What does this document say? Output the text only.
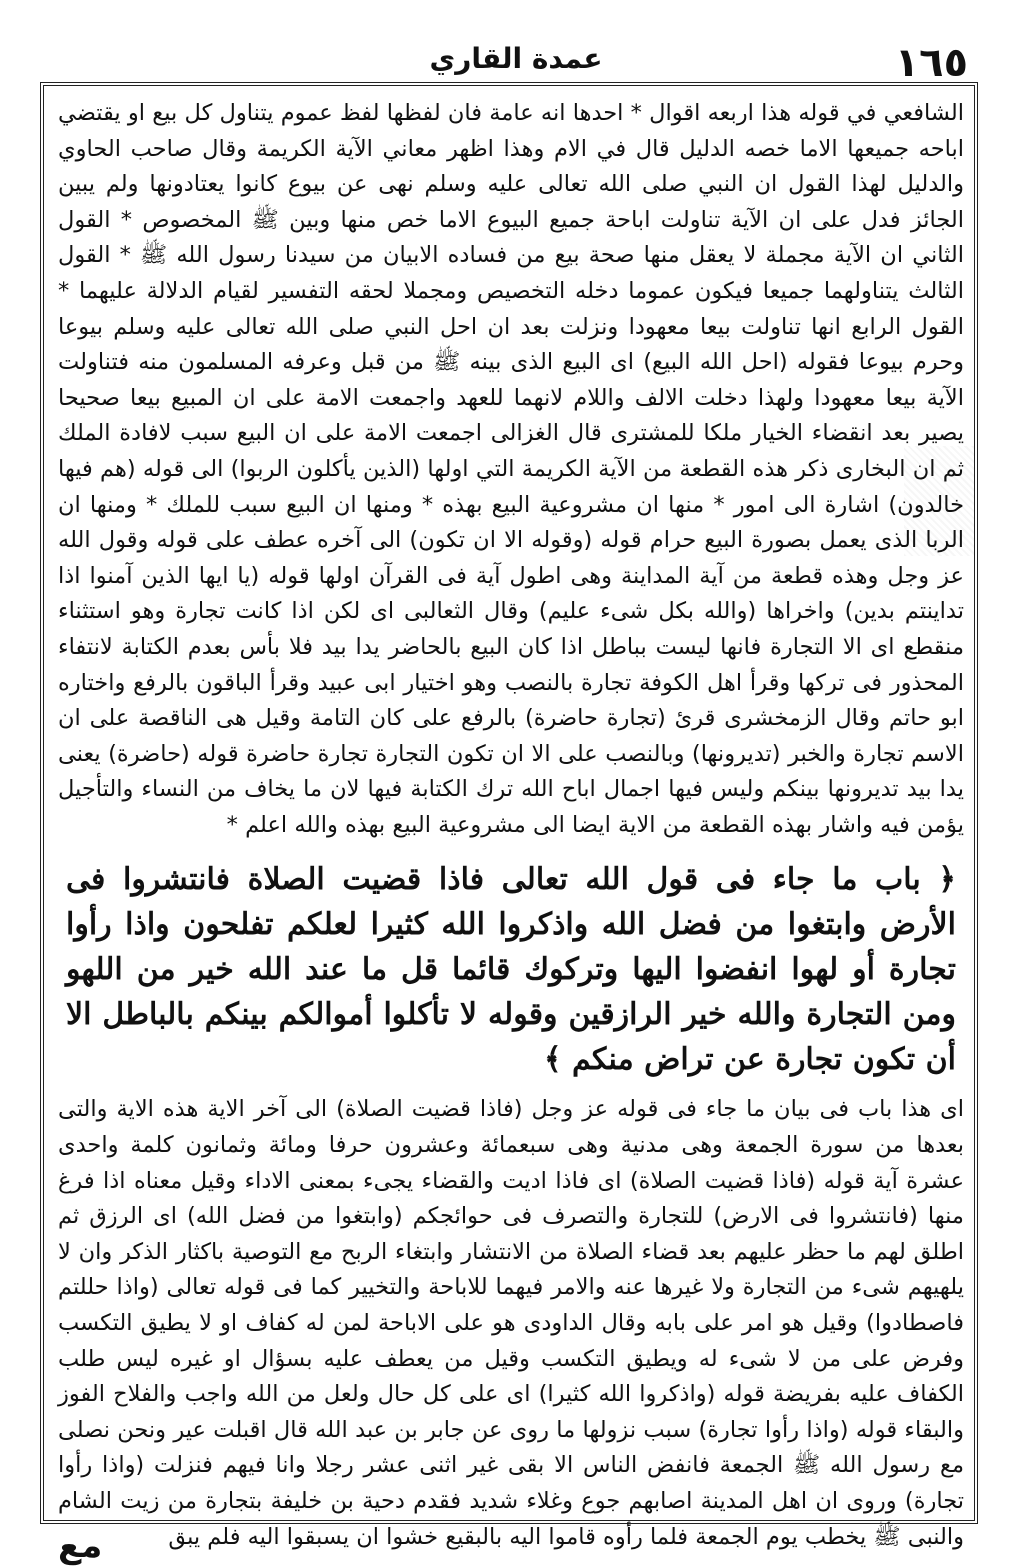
١٦٥
عمدة القاري

الشافعي في قوله هذا اربعه اقوال * احدها انه عامة فان لفظها لفظ عموم يتناول كل بيع او يقتضي اباحه جميعها الاما خصه الدليل قال في الام وهذا اظهر معاني الآية الكريمة وقال صاحب الحاوي والدليل لهذا القول ان النبي صلى الله تعالى عليه وسلم نهى عن بيوع كانوا يعتادونها ولم يبين الجائز فدل على ان الآية تناولت اباحة جميع البيوع الاما خص منها وبين ﷺ المخصوص * القول الثاني ان الآية مجملة لا يعقل منها صحة بيع من فساده الابيان من سيدنا رسول الله ﷺ * القول الثالث يتناولهما جميعا فيكون عموما دخله التخصيص ومجملا لحقه التفسير لقيام الدلالة عليهما * القول الرابع انها تناولت بيعا معهودا ونزلت بعد ان احل النبي صلى الله تعالى عليه وسلم بيوعا وحرم بيوعا فقوله (احل الله البيع) اى البيع الذى بينه ﷺ من قبل وعرفه المسلمون منه فتناولت الآية بيعا معهودا ولهذا دخلت الالف واللام لانهما للعهد واجمعت الامة على ان المبيع بيعا صحيحا يصير بعد انقضاء الخيار ملكا للمشترى قال الغزالى اجمعت الامة على ان البيع سبب لافادة الملك ثم ان البخارى ذكر هذه القطعة من الآية الكريمة التي اولها (الذين يأكلون الربوا) الى قوله (هم فيها خالدون) اشارة الى امور * منها ان مشروعية البيع بهذه * ومنها ان البيع سبب للملك * ومنها ان الربا الذى يعمل بصورة البيع حرام قوله (وقوله الا ان تكون) الى آخره عطف على قوله وقول الله عز وجل وهذه قطعة من آية المداينة وهى اطول آية فى القرآن اولها قوله (يا ايها الذين آمنوا اذا تداينتم بدين) واخراها (والله بكل شىء عليم) وقال الثعالبى اى لكن اذا كانت تجارة وهو استثناء منقطع اى الا التجارة فانها ليست بباطل اذا كان البيع بالحاضر يدا بيد فلا بأس بعدم الكتابة لانتفاء المحذور فى تركها وقرأ اهل الكوفة تجارة بالنصب وهو اختيار ابى عبيد وقرأ الباقون بالرفع واختاره ابو حاتم وقال الزمخشرى قرئ (تجارة حاضرة) بالرفع على كان التامة وقيل هى الناقصة على ان الاسم تجارة والخبر (تديرونها) وبالنصب على الا ان تكون التجارة تجارة حاضرة قوله (حاضرة) يعنى يدا بيد تديرونها بينكم وليس فيها اجمال اباح الله ترك الكتابة فيها لان ما يخاف من النساء والتأجيل يؤمن فيه واشار بهذه القطعة من الاية ايضا الى مشروعية البيع بهذه والله اعلم *

﴿ باب ما جاء فى قول الله تعالى فاذا قضيت الصلاة فانتشروا فى الأرض وابتغوا من فضل الله واذكروا الله كثيرا لعلكم تفلحون واذا رأوا تجارة أو لهوا انفضوا اليها وتركوك قائما قل ما عند الله خير من اللهو ومن التجارة والله خير الرازقين وقوله لا تأكلوا أموالكم بينكم بالباطل الا أن تكون تجارة عن تراض منكم ﴾

اى هذا باب فى بيان ما جاء فى قوله عز وجل (فاذا قضيت الصلاة) الى آخر الاية هذه الاية والتى بعدها من سورة الجمعة وهى مدنية وهى سبعمائة وعشرون حرفا ومائة وثمانون كلمة واحدى عشرة آية قوله (فاذا قضيت الصلاة) اى فاذا اديت والقضاء يجىء بمعنى الاداء وقيل معناه اذا فرغ منها (فانتشروا فى الارض) للتجارة والتصرف فى حوائجكم (وابتغوا من فضل الله) اى الرزق ثم اطلق لهم ما حظر عليهم بعد قضاء الصلاة من الانتشار وابتغاء الربح مع التوصية باكثار الذكر وان لا يلهيهم شىء من التجارة ولا غيرها عنه والامر فيهما للاباحة والتخيير كما فى قوله تعالى (واذا حللتم فاصطادوا) وقيل هو امر على بابه وقال الداودى هو على الاباحة لمن له كفاف او لا يطيق التكسب وفرض على من لا شىء له ويطيق التكسب وقيل من يعطف عليه بسؤال او غيره ليس طلب الكفاف عليه بفريضة قوله (واذكروا الله كثيرا) اى على كل حال ولعل من الله واجب والفلاح الفوز والبقاء قوله (واذا رأوا تجارة) سبب نزولها ما روى عن جابر بن عبد الله قال اقبلت عير ونحن نصلى مع رسول الله ﷺ الجمعة فانفض الناس الا بقى غير اثنى عشر رجلا وانا فيهم فنزلت (واذا رأوا تجارة) وروى ان اهل المدينة اصابهم جوع وغلاء شديد فقدم دحية بن خليفة بتجارة من زيت الشام والنبى ﷺ يخطب يوم الجمعة فلما رأوه قاموا اليه بالبقيع خشوا ان يسبقوا اليه فلم يبق

مع
